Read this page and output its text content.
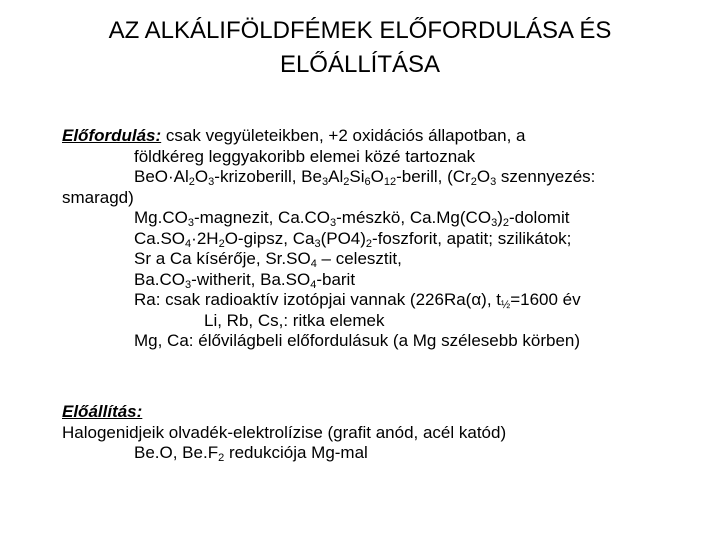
AZ ALKÁLIFÖLDFÉMEK ELŐFORDULÁSA ÉS
ELŐÁLLÍTÁSA
Előfordulás: csak vegyületeikben, +2 oxidációs állapotban, a
földkéreg leggyakoribb elemei közé tartoznak
$BeO\cdot Al_2O_3$-krizoberill, $Be_3Al_2Si_6O_{12}$-berill, ($Cr_2O_3$ szennyezés:
smaragd)
$Mg.CO_3$-magnezit, $Ca.CO_3$-mészkö, $Ca.Mg(CO_3)_2$-dolomit
$Ca.SO_4\cdot 2H_2O$-gipsz, $Ca_3(PO4)_2$-foszforit, apatit; szilikátok;
Sr a Ca kísérője, $Sr.SO_4$ – celesztit,
$Ba.CO_3$-witherit, $Ba.SO_4$-barit
Ra: csak radioaktív izotópjai vannak (226Ra(α), $t_{\frac{1}{2}}=1600$ év
Li, Rb, Cs,: ritka elemek
Mg, Ca: élővilágbeli előfordulásuk (a Mg szélesebb körben)
Előállítás:
Halogenidjeik olvadék-elektrolízise (grafit anód, acél katód)
Be.O, $Be.F_2$ redukciója Mg-mal
